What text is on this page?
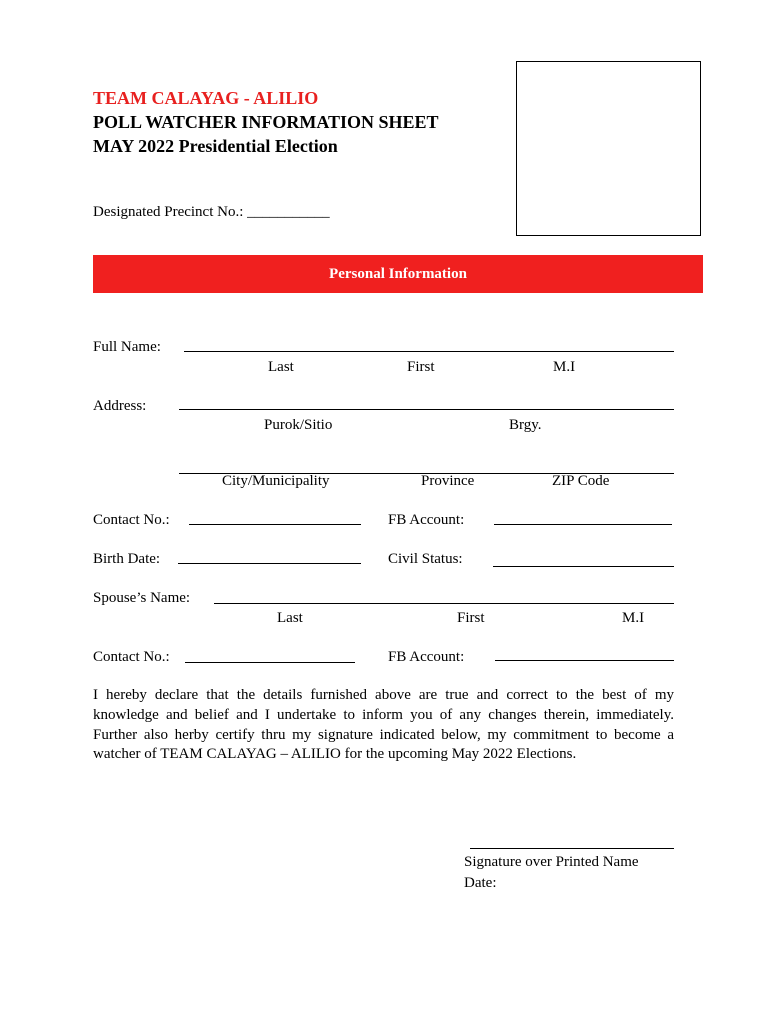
TEAM CALAYAG - ALILIO
POLL WATCHER INFORMATION SHEET
MAY 2022 Presidential Election
Designated Precinct No.: ___________
Personal Information
Full Name:
Last	First	M.I
Address:
Purok/Sitio	Brgy.
City/Municipality	Province	ZIP Code
Contact No.:	FB Account:
Birth Date:	Civil Status:
Spouse’s Name:
Last	First	M.I
Contact No.:	FB Account:
I hereby declare that the details furnished above are true and correct to the best of my knowledge and belief and I undertake to inform you of any changes therein, immediately. Further also herby certify thru my signature indicated below, my commitment to become a watcher of TEAM CALAYAG – ALILIO for the upcoming May 2022 Elections.
Signature over Printed Name
Date:
